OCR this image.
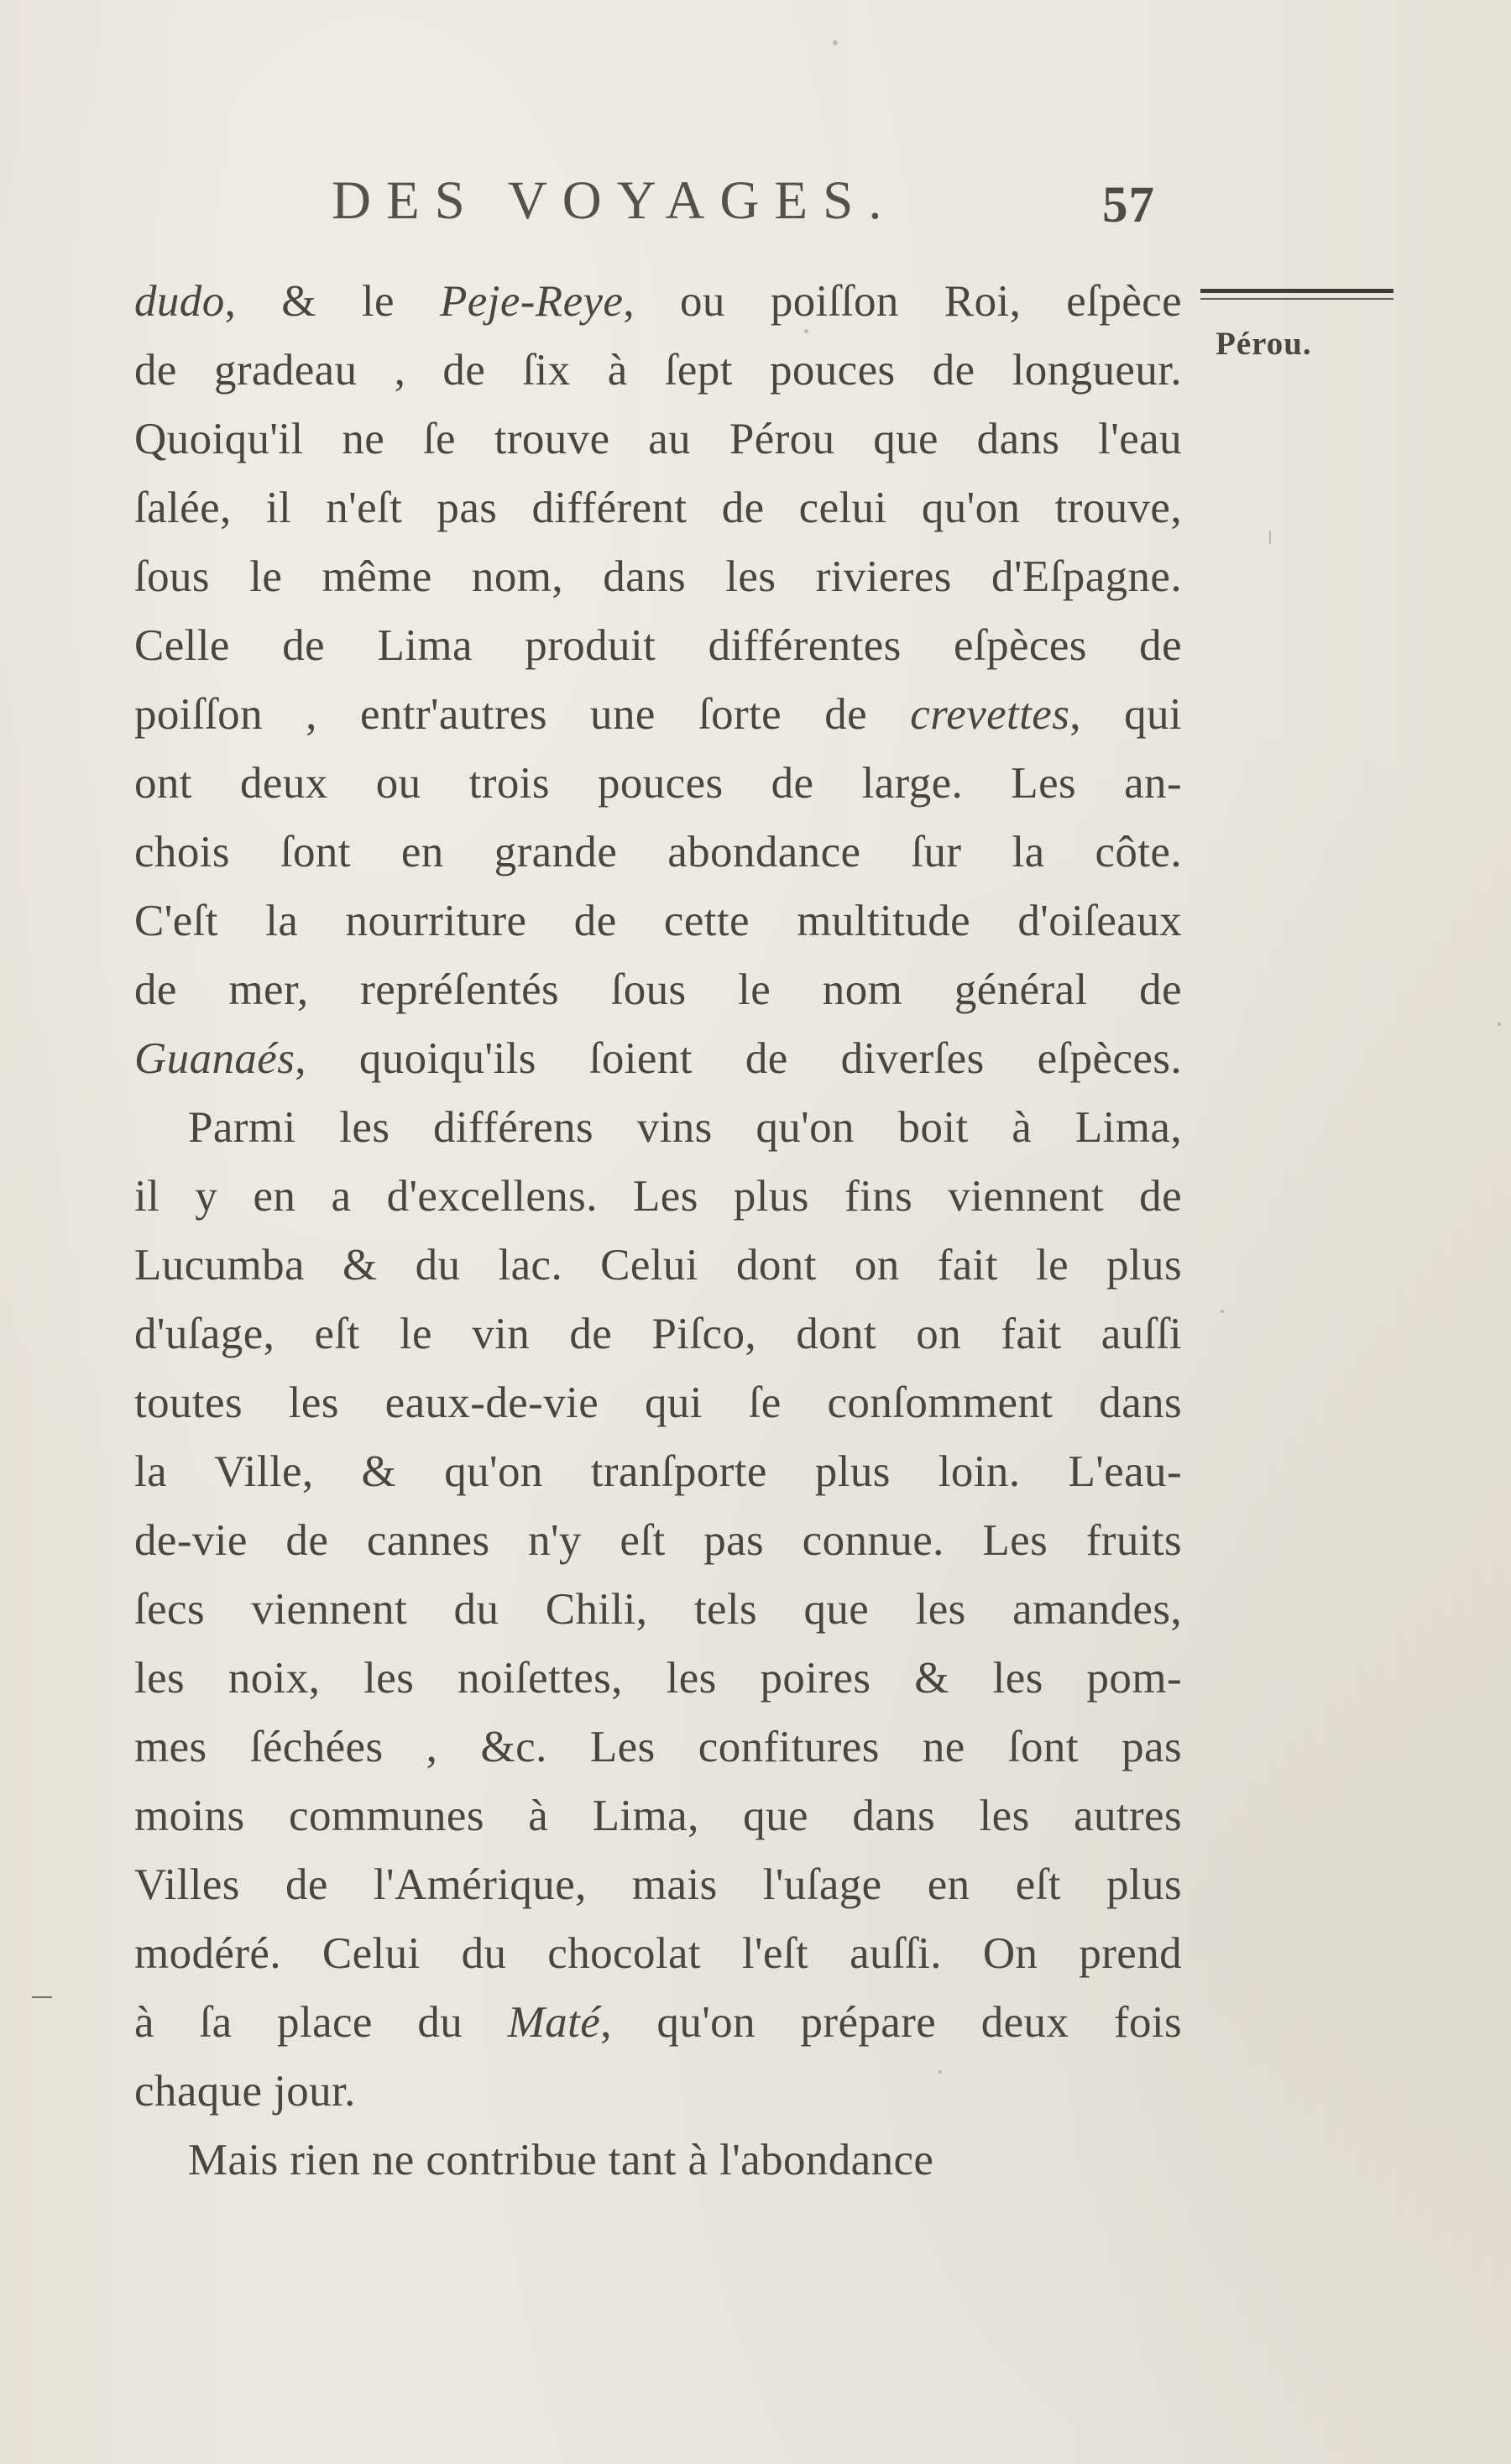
DES VOYAGES.	57
Pérou.
dudo, & le Peje-Reye, ou poiſſon Roi, eſpèce
de gradeau , de ſix à ſept pouces de longueur.
Quoiqu'il ne ſe trouve au Pérou que dans l'eau
ſalée, il n'eſt pas différent de celui qu'on trouve,
ſous le même nom, dans les rivieres d'Eſpagne.
Celle de Lima produit différentes eſpèces de
poiſſon , entr'autres une ſorte de crevettes, qui
ont deux ou trois pouces de large. Les an-
chois ſont en grande abondance ſur la côte.
C'eſt la nourriture de cette multitude d'oiſeaux
de mer, repréſentés ſous le nom général de
Guanaés, quoiqu'ils ſoient de diverſes eſpèces.
Parmi les différens vins qu'on boit à Lima,
il y en a d'excellens. Les plus fins viennent de
Lucumba & du lac. Celui dont on fait le plus
d'uſage, eſt le vin de Piſco, dont on fait auſſi
toutes les eaux-de-vie qui ſe conſomment dans
la Ville, & qu'on tranſporte plus loin. L'eau-
de-vie de cannes n'y eſt pas connue. Les fruits
ſecs viennent du Chili, tels que les amandes,
les noix, les noiſettes, les poires & les pom-
mes ſéchées , &c. Les confitures ne ſont pas
moins communes à Lima, que dans les autres
Villes de l'Amérique, mais l'uſage en eſt plus
modéré. Celui du chocolat l'eſt auſſi. On prend
à ſa place du Maté, qu'on prépare deux fois
chaque jour.
Mais rien ne contribue tant à l'abondance
